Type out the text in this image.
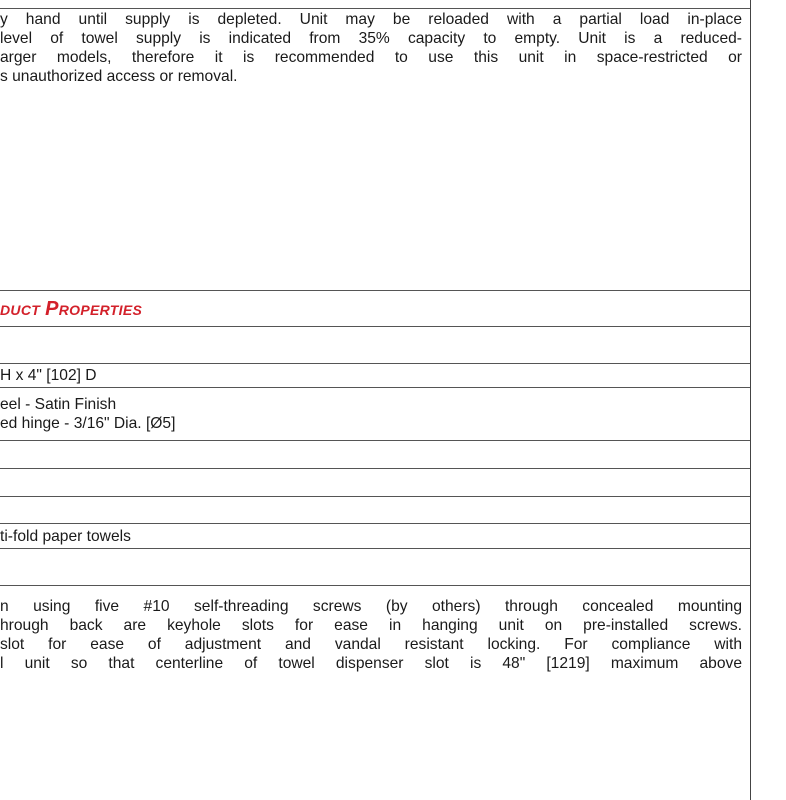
y hand until supply is depleted. Unit may be reloaded with a partial load in-place
level of towel supply is indicated from 35% capacity to empty. Unit is a reduced-
arger models, therefore it is recommended to use this unit in space-restricted or
s unauthorized access or removal.
DUCT PROPERTIES
H x 4" [102] D
eel - Satin Finish
ed hinge - 3/16" Dia. [Ø5]
ti-fold paper towels
n using five #10 self-threading screws (by others) through concealed mounting
hrough back are keyhole slots for ease in hanging unit on pre-installed screws.
slot for ease of adjustment and vandal resistant locking. For compliance with
l unit so that centerline of towel dispenser slot is 48" [1219] maximum above
